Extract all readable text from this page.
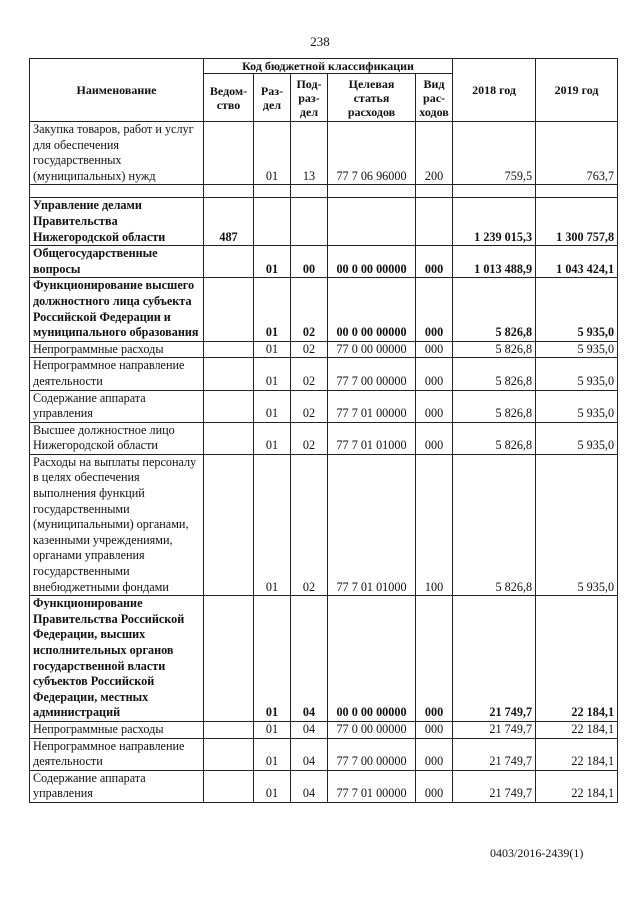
238
Наименование	Код бюджетной классификации					2018 год	2019 год
	Ведом-ство	Раз-дел	Под-раз-дел	Целевая статья расходов	Вид рас-ходов		
Закупка товаров, работ и услуг для обеспечения государственных (муниципальных) нужд		01	13	77 7 06 96000	200	759,5	763,7

Управление делами Правительства Нижегородской области	487					1 239 015,3	1 300 757,8
Общегосударственные вопросы		01	00	00 0 00 00000	000	1 013 488,9	1 043 424,1
Функционирование высшего должностного лица субъекта Российской Федерации и муниципального образования		01	02	00 0 00 00000	000	5 826,8	5 935,0
Непрограммные расходы		01	02	77 0 00 00000	000	5 826,8	5 935,0
Непрограммное направление деятельности		01	02	77 7 00 00000	000	5 826,8	5 935,0
Содержание аппарата управления		01	02	77 7 01 00000	000	5 826,8	5 935,0
Высшее должностное лицо Нижегородской области		01	02	77 7 01 01000	000	5 826,8	5 935,0
Расходы на выплаты персоналу в целях обеспечения выполнения функций государственными (муниципальными) органами, казенными учреждениями, органами управления государственными внебюджетными фондами		01	02	77 7 01 01000	100	5 826,8	5 935,0
Функционирование Правительства Российской Федерации, высших исполнительных органов государственной власти субъектов Российской Федерации, местных администраций		01	04	00 0 00 00000	000	21 749,7	22 184,1
Непрограммные расходы		01	04	77 0 00 00000	000	21 749,7	22 184,1
Непрограммное направление деятельности		01	04	77 7 00 00000	000	21 749,7	22 184,1
Содержание аппарата управления		01	04	77 7 01 00000	000	21 749,7	22 184,1
0403/2016-2439(1)
